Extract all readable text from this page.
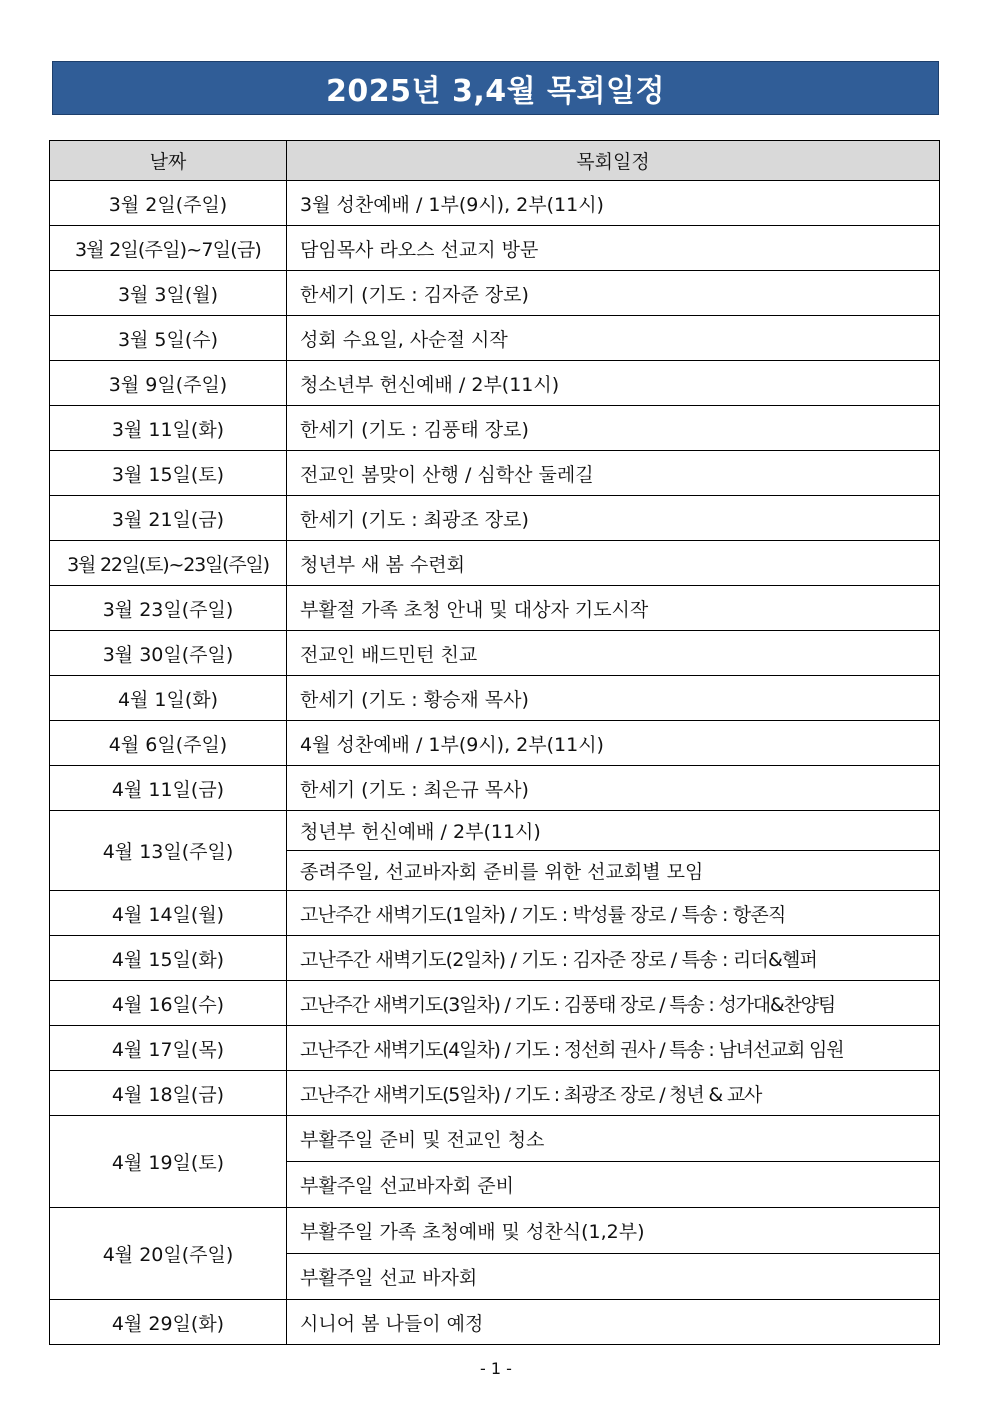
2025년 3,4월 목회일정
날짜	목회일정
3월 2일(주일)	3월 성찬예배 / 1부(9시), 2부(11시)
3월 2일(주일)~7일(금)	담임목사 라오스 선교지 방문
3월 3일(월)	한세기 (기도 : 김자준 장로)
3월 5일(수)	성회 수요일, 사순절 시작
3월 9일(주일)	청소년부 헌신예배 / 2부(11시)
3월 11일(화)	한세기 (기도 : 김풍태 장로)
3월 15일(토)	전교인 봄맞이 산행 / 심학산 둘레길
3월 21일(금)	한세기 (기도 : 최광조 장로)
3월 22일(토)~23일(주일)	청년부 새 봄 수련회
3월 23일(주일)	부활절 가족 초청 안내 및 대상자 기도시작
3월 30일(주일)	전교인 배드민턴 친교
4월 1일(화)	한세기 (기도 : 황승재 목사)
4월 6일(주일)	4월 성찬예배 / 1부(9시), 2부(11시)
4월 11일(금)	한세기 (기도 : 최은규 목사)
4월 13일(주일)	청년부 헌신예배 / 2부(11시)
	종려주일, 선교바자회 준비를 위한 선교회별 모임
4월 14일(월)	고난주간 새벽기도(1일차) / 기도 : 박성률 장로 / 특송 : 항존직
4월 15일(화)	고난주간 새벽기도(2일차) / 기도 : 김자준 장로 / 특송 : 리더&헬퍼
4월 16일(수)	고난주간 새벽기도(3일차) / 기도 : 김풍태 장로 / 특송 : 성가대&찬양팀
4월 17일(목)	고난주간 새벽기도(4일차) / 기도 : 정선희 권사 / 특송 : 남녀선교회 임원
4월 18일(금)	고난주간 새벽기도(5일차) / 기도 : 최광조 장로 / 청년 & 교사
4월 19일(토)	부활주일 준비 및 전교인 청소
	부활주일 선교바자회 준비
4월 20일(주일)	부활주일 가족 초청예배 및 성찬식(1,2부)
	부활주일 선교 바자회
4월 29일(화)	시니어 봄 나들이 예정
- 1 -
